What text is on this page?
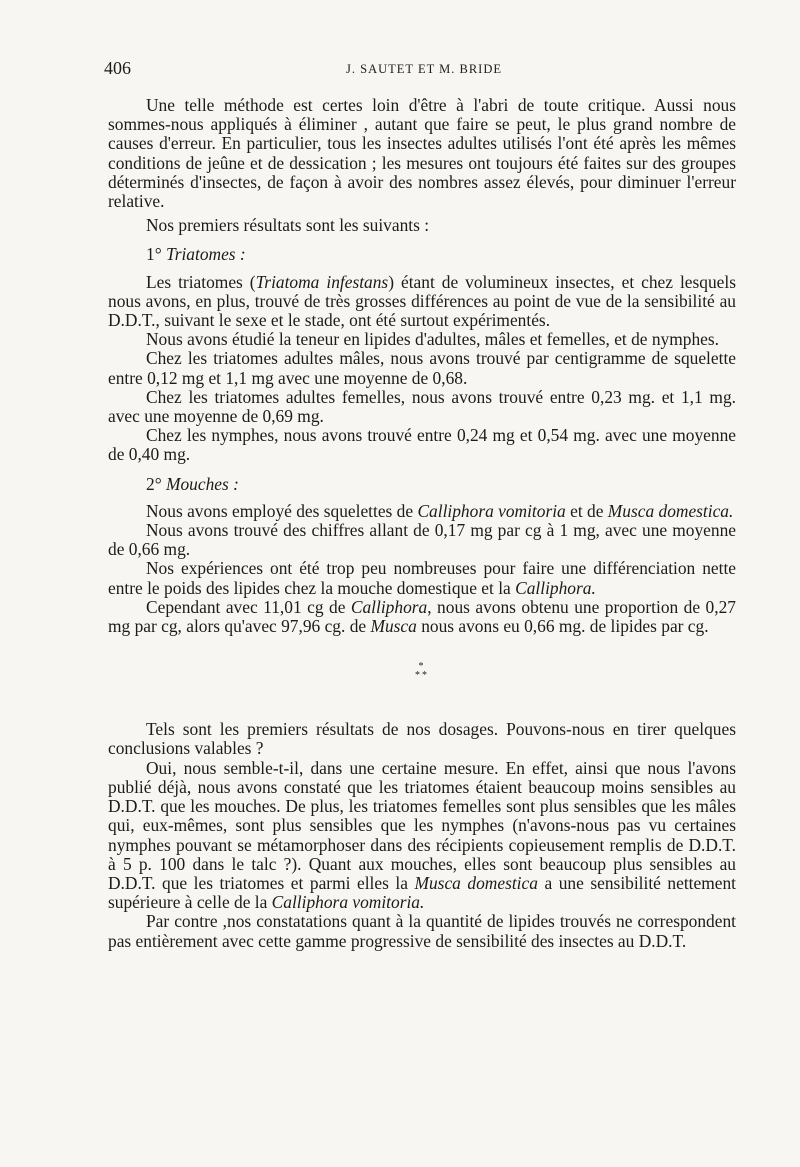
406	J. SAUTET ET M. BRIDE

Une telle méthode est certes loin d'être à l'abri de toute critique. Aussi nous sommes-nous appliqués à éliminer , autant que faire se peut, le plus grand nombre de causes d'erreur. En particulier, tous les insectes adultes utilisés l'ont été après les mêmes conditions de jeûne et de dessication ; les mesures ont toujours été faites sur des groupes déterminés d'insectes, de façon à avoir des nombres assez élevés, pour diminuer l'erreur relative.

Nos premiers résultats sont les suivants :

1° Triatomes :

Les triatomes (Triatoma infestans) étant de volumineux insectes, et chez lesquels nous avons, en plus, trouvé de très grosses différences au point de vue de la sensibilité au D.D.T., suivant le sexe et le stade, ont été surtout expérimentés.

Nous avons étudié la teneur en lipides d'adultes, mâles et femelles, et de nymphes.

Chez les triatomes adultes mâles, nous avons trouvé par centigramme de squelette entre 0,12 mg et 1,1 mg avec une moyenne de 0,68.

Chez les triatomes adultes femelles, nous avons trouvé entre 0,23 mg. et 1,1 mg. avec une moyenne de 0,69 mg.

Chez les nymphes, nous avons trouvé entre 0,24 mg et 0,54 mg. avec une moyenne de 0,40 mg.

2° Mouches :

Nous avons employé des squelettes de Calliphora vomitoria et de Musca domestica.

Nous avons trouvé des chiffres allant de 0,17 mg par cg à 1 mg, avec une moyenne de 0,66 mg.

Nos expériences ont été trop peu nombreuses pour faire une différenciation nette entre le poids des lipides chez la mouche domestique et la Calliphora.

Cependant avec 11,01 cg de Calliphora, nous avons obtenu une proportion de 0,27 mg par cg, alors qu'avec 97,96 cg. de Musca nous avons eu 0,66 mg. de lipides par cg.

*
**

Tels sont les premiers résultats de nos dosages. Pouvons-nous en tirer quelques conclusions valables ?

Oui, nous semble-t-il, dans une certaine mesure. En effet, ainsi que nous l'avons publié déjà, nous avons constaté que les triatomes étaient beaucoup moins sensibles au D.D.T. que les mouches. De plus, les triatomes femelles sont plus sensibles que les mâles qui, eux-mêmes, sont plus sensibles que les nymphes (n'avons-nous pas vu certaines nymphes pouvant se métamorphoser dans des récipients copieusement remplis de D.D.T. à 5 p. 100 dans le talc ?). Quant aux mouches, elles sont beaucoup plus sensibles au D.D.T. que les triatomes et parmi elles la Musca domestica a une sensibilité nettement supérieure à celle de la Calliphora vomitoria.

Par contre ,nos constatations quant à la quantité de lipides trouvés ne correspondent pas entièrement avec cette gamme progressive de sensibilité des insectes au D.D.T.
